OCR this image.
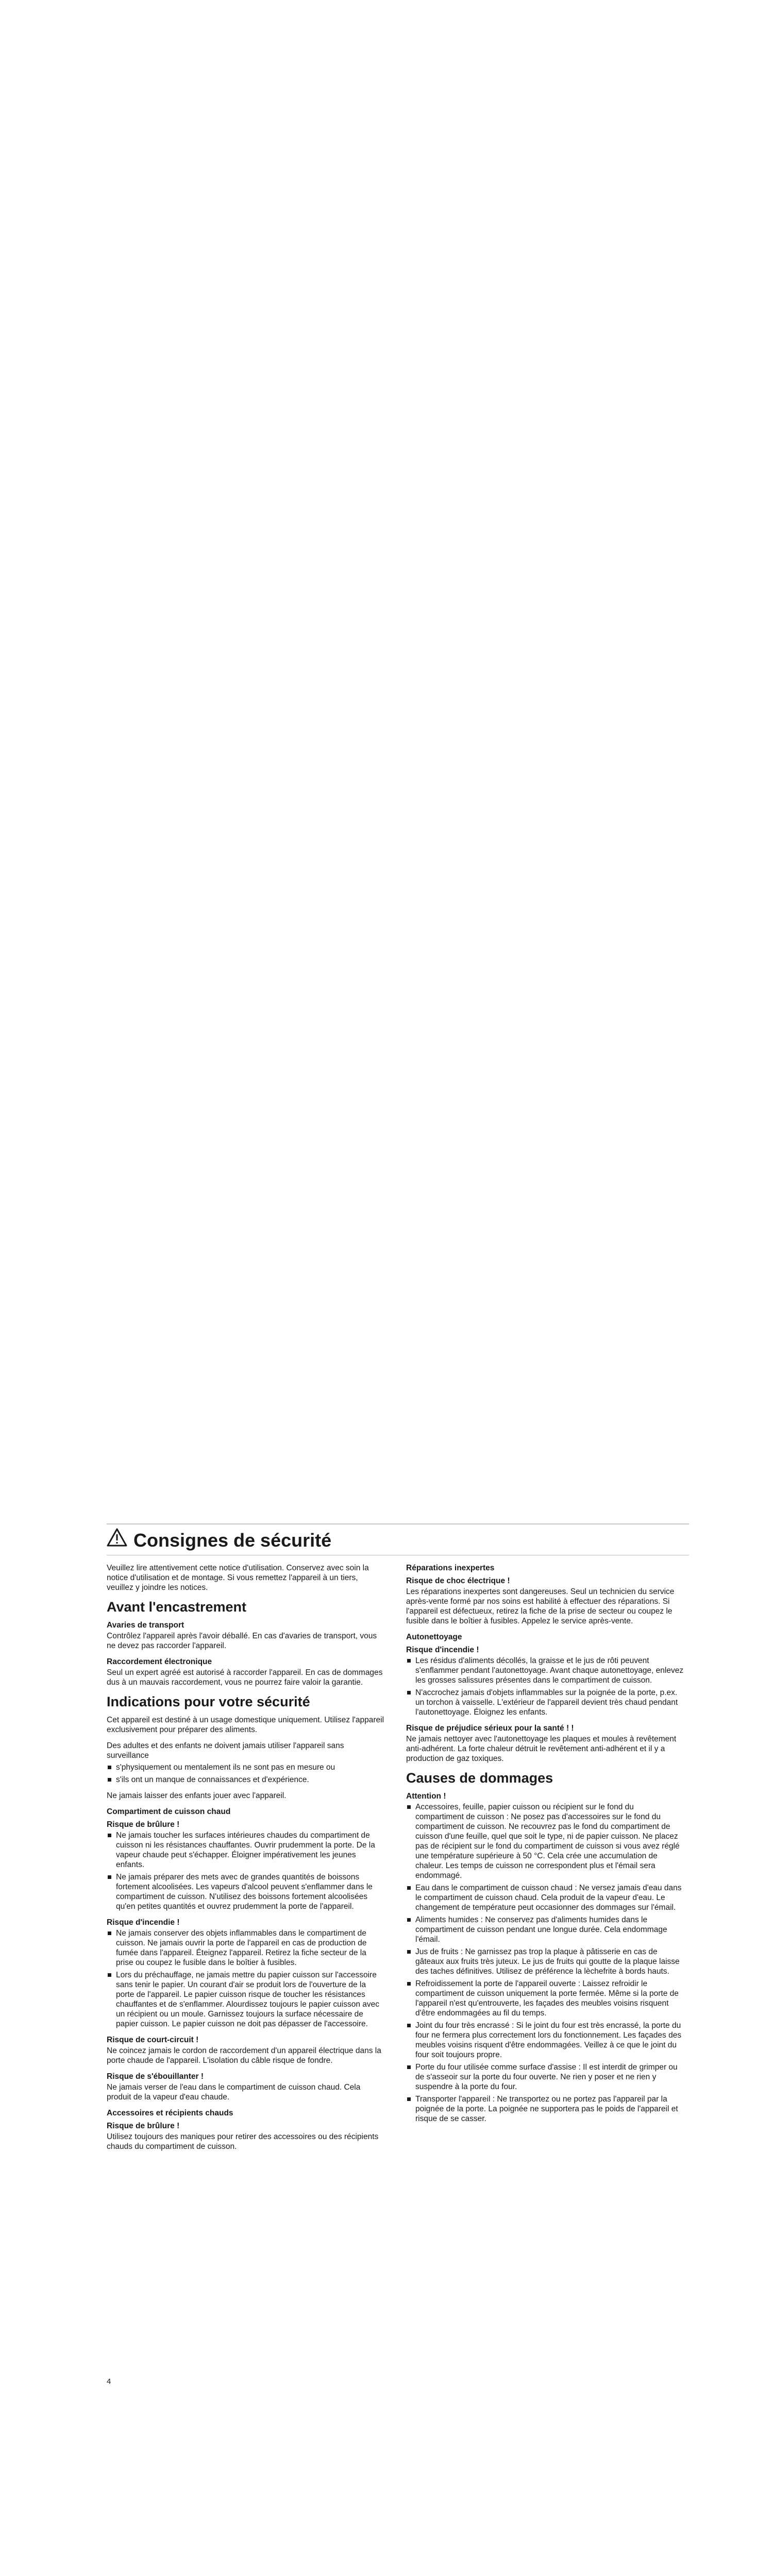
Consignes de sécurité

Veuillez lire attentivement cette notice d'utilisation. Conservez avec soin la notice d'utilisation et de montage. Si vous remettez l'appareil à un tiers, veuillez y joindre les notices.

Avant l'encastrement
Avaries de transport

Contrôlez l'appareil après l'avoir déballé. En cas d'avaries de transport, vous ne devez pas raccorder l'appareil.

Raccordement électronique

Seul un expert agréé est autorisé à raccorder l'appareil. En cas de dommages dus à un mauvais raccordement, vous ne pourrez faire valoir la garantie.

Indications pour votre sécurité

Cet appareil est destiné à un usage domestique uniquement. Utilisez l'appareil exclusivement pour préparer des aliments.

Des adultes et des enfants ne doivent jamais utiliser l'appareil sans surveillance

s'physiquement ou mentalement ils ne sont pas en mesure ou
s'ils ont un manque de connaissances et d'expérience.

Ne jamais laisser des enfants jouer avec l'appareil.

Compartiment de cuisson chaud
Risque de brûlure !
Ne jamais toucher les surfaces intérieures chaudes du compartiment de cuisson ni les résistances chauffantes. Ouvrir prudemment la porte. De la vapeur chaude peut s'échapper. Éloigner impérativement les jeunes enfants.
Ne jamais préparer des mets avec de grandes quantités de boissons fortement alcoolisées. Les vapeurs d'alcool peuvent s'enflammer dans le compartiment de cuisson. N'utilisez des boissons fortement alcoolisées qu'en petites quantités et ouvrez prudemment la porte de l'appareil.
Risque d'incendie !
Ne jamais conserver des objets inflammables dans le compartiment de cuisson. Ne jamais ouvrir la porte de l'appareil en cas de production de fumée dans l'appareil. Éteignez l'appareil. Retirez la fiche secteur de la prise ou coupez le fusible dans le boîtier à fusibles.
Lors du préchauffage, ne jamais mettre du papier cuisson sur l'accessoire sans tenir le papier. Un courant d'air se produit lors de l'ouverture de la porte de l'appareil. Le papier cuisson risque de toucher les résistances chauffantes et de s'enflammer. Alourdissez toujours le papier cuisson avec un récipient ou un moule. Garnissez toujours la surface nécessaire de papier cuisson. Le papier cuisson ne doit pas dépasser de l'accessoire.
Risque de court-circuit !

Ne coincez jamais le cordon de raccordement d'un appareil électrique dans la porte chaude de l'appareil. L'isolation du câble risque de fondre.

Risque de s'ébouillanter !

Ne jamais verser de l'eau dans le compartiment de cuisson chaud. Cela produit de la vapeur d'eau chaude.

Accessoires et récipients chauds
Risque de brûlure !

Utilisez toujours des maniques pour retirer des accessoires ou des récipients chauds du compartiment de cuisson.

Réparations inexpertes
Risque de choc électrique !

Les réparations inexpertes sont dangereuses. Seul un technicien du service après-vente formé par nos soins est habilité à effectuer des réparations. Si l'appareil est défectueux, retirez la fiche de la prise de secteur ou coupez le fusible dans le boîtier à fusibles. Appelez le service après-vente.

Autonettoyage
Risque d'incendie !
Les résidus d'aliments décollés, la graisse et le jus de rôti peuvent s'enflammer pendant l'autonettoyage. Avant chaque autonettoyage, enlevez les grosses salissures présentes dans le compartiment de cuisson.
N'accrochez jamais d'objets inflammables sur la poignée de la porte, p.ex. un torchon à vaisselle. L'extérieur de l'appareil devient très chaud pendant l'autonettoyage. Éloignez les enfants.
Risque de préjudice sérieux pour la santé ! !

Ne jamais nettoyer avec l'autonettoyage les plaques et moules à revêtement anti-adhérent. La forte chaleur détruit le revêtement anti-adhérent et il y a production de gaz toxiques.

Causes de dommages
Attention !
Accessoires, feuille, papier cuisson ou récipient sur le fond du compartiment de cuisson : Ne posez pas d'accessoires sur le fond du compartiment de cuisson. Ne recouvrez pas le fond du compartiment de cuisson d'une feuille, quel que soit le type, ni de papier cuisson. Ne placez pas de récipient sur le fond du compartiment de cuisson si vous avez réglé une température supérieure à 50 °C. Cela crée une accumulation de chaleur. Les temps de cuisson ne correspondent plus et l'émail sera endommagé.
Eau dans le compartiment de cuisson chaud : Ne versez jamais d'eau dans le compartiment de cuisson chaud. Cela produit de la vapeur d'eau. Le changement de température peut occasionner des dommages sur l'émail.
Aliments humides : Ne conservez pas d'aliments humides dans le compartiment de cuisson pendant une longue durée. Cela endommage l'émail.
Jus de fruits : Ne garnissez pas trop la plaque à pâtisserie en cas de gâteaux aux fruits très juteux. Le jus de fruits qui goutte de la plaque laisse des taches définitives. Utilisez de préférence la lèchefrite à bords hauts.
Refroidissement la porte de l'appareil ouverte : Laissez refroidir le compartiment de cuisson uniquement la porte fermée. Même si la porte de l'appareil n'est qu'entrouverte, les façades des meubles voisins risquent d'être endommagées au fil du temps.
Joint du four très encrassé : Si le joint du four est très encrassé, la porte du four ne fermera plus correctement lors du fonctionnement. Les façades des meubles voisins risquent d'être endommagées. Veillez à ce que le joint du four soit toujours propre.
Porte du four utilisée comme surface d'assise : Il est interdit de grimper ou de s'asseoir sur la porte du four ouverte. Ne rien y poser et ne rien y suspendre à la porte du four.
Transporter l'appareil : Ne transportez ou ne portez pas l'appareil par la poignée de la porte. La poignée ne supportera pas le poids de l'appareil et risque de se casser.
4
